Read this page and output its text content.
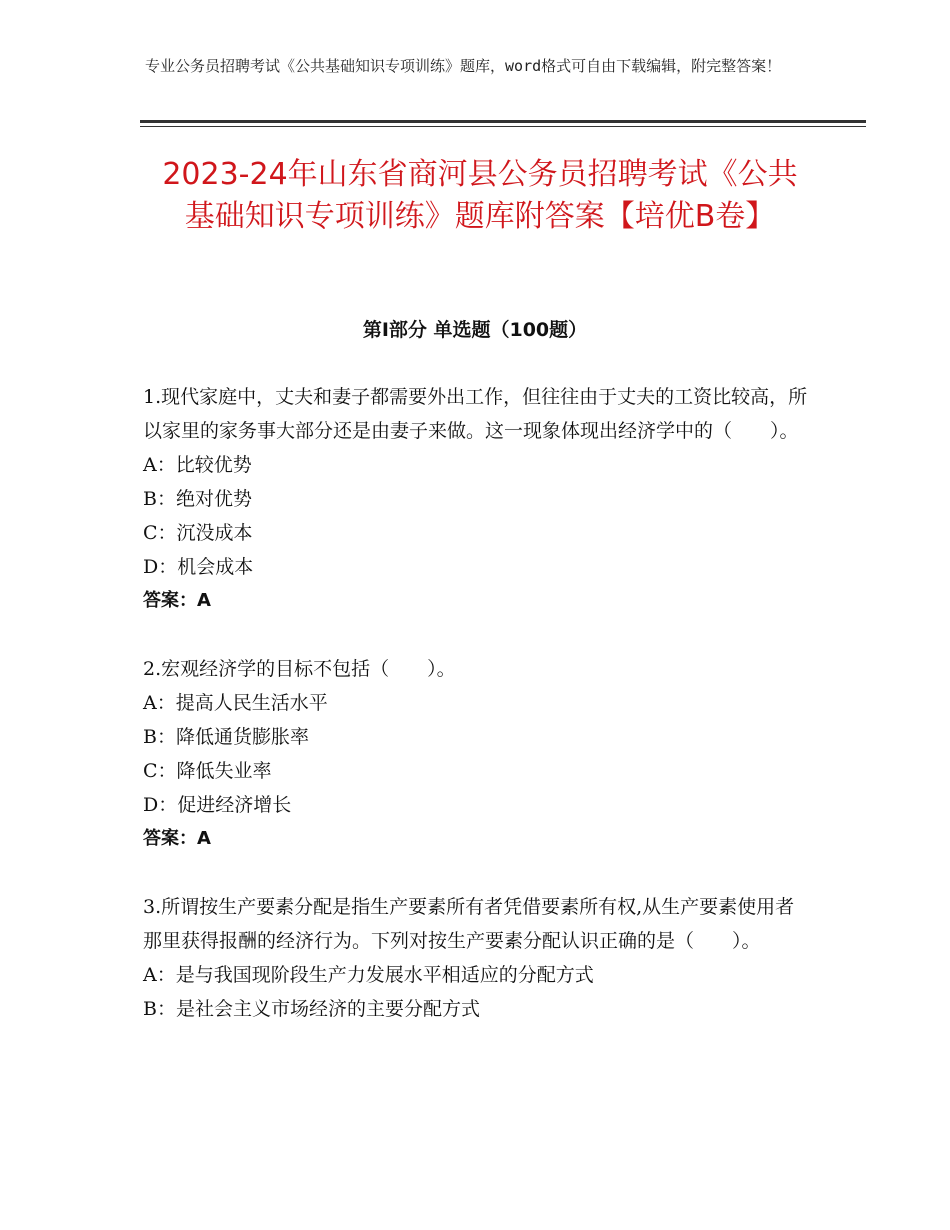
专业公务员招聘考试《公共基础知识专项训练》题库，word格式可自由下载编辑，附完整答案！
2023-24年山东省商河县公务员招聘考试《公共基础知识专项训练》题库附答案【培优B卷】
第Ⅰ部分 单选题（100题）

1.现代家庭中，丈夫和妻子都需要外出工作，但往往由于丈夫的工资比较高，所以家里的家务事大部分还是由妻子来做。这一现象体现出经济学中的（　　）。

A：比较优势

B：绝对优势

C：沉没成本

D：机会成本

答案：A

2.宏观经济学的目标不包括（　　）。

A：提高人民生活水平

B：降低通货膨胀率

C：降低失业率

D：促进经济增长

答案：A

3.所谓按生产要素分配是指生产要素所有者凭借要素所有权,从生产要素使用者那里获得报酬的经济行为。下列对按生产要素分配认识正确的是（　　）。

A：是与我国现阶段生产力发展水平相适应的分配方式

B：是社会主义市场经济的主要分配方式
